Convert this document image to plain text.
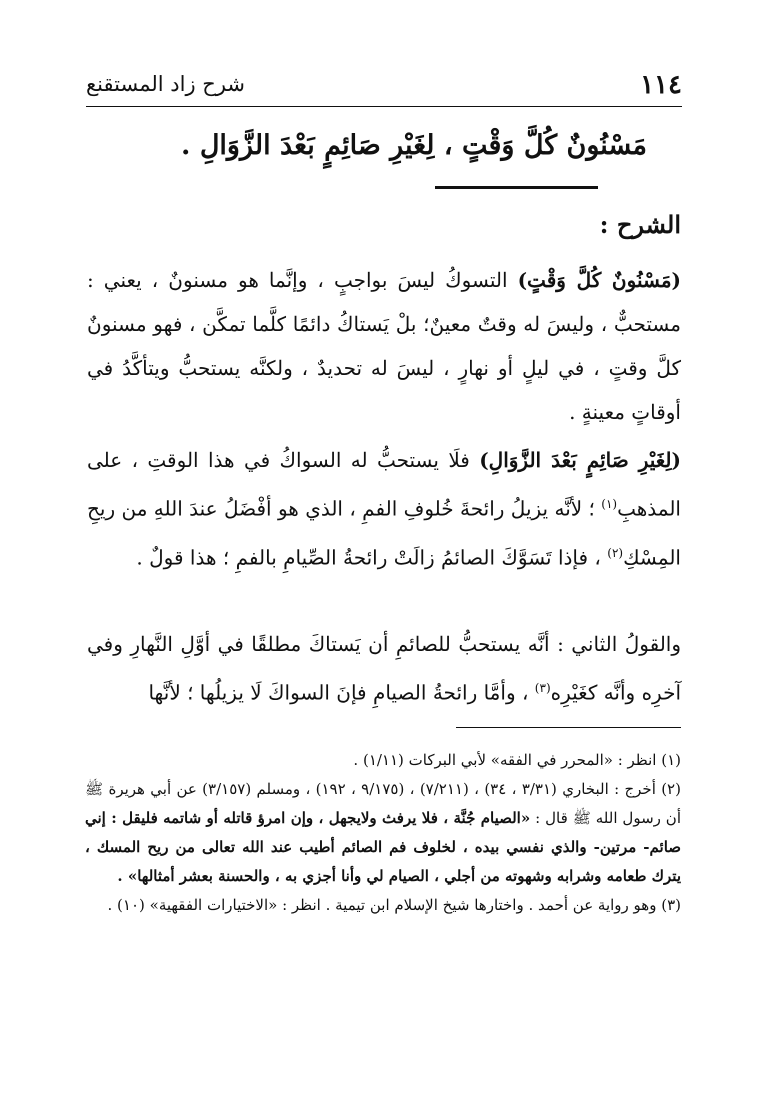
١١٤
شرح زاد المستقنع
مَسْنُونٌ كُلَّ وَقْتٍ ، لِغَيْرِ صَائِمٍ بَعْدَ الزَّوَالِ .
الشرح :
(مَسْنُونٌ كُلَّ وَقْتٍ) التسوكُ ليسَ بواجبٍ ، وإنَّما هو مسنونٌ ، يعني : مستحبٌّ ، وليسَ له وقتٌ معينٌ؛ بلْ يَستاكُ دائمًا كلَّما تمكَّن ، فهو مسنونٌ كلَّ وقتٍ ، في ليلٍ أو نهارٍ ، ليسَ له تحديدٌ ، ولكنَّه يستحبُّ ويتأكَّدُ في أوقاتٍ معينةٍ .
(لِغَيْرِ صَائِمٍ بَعْدَ الزَّوَالِ) فلَا يستحبُّ له السواكُ في هذا الوقتِ ، على المذهبِ$^{(١)}$ ؛ لأنَّه يزيلُ رائحةَ خُلوفِ الفمِ ، الذي هو أفْضَلُ عندَ اللهِ من ريحِ المِسْكِ$^{(٢)}$ ، فإذا تَسَوَّكَ الصائمُ زالَتْ رائحةُ الصِّيامِ بالفمِ ؛ هذا قولٌ .
والقولُ الثاني : أنَّه يستحبُّ للصائمِ أن يَستاكَ مطلقًا في أوَّلِ النَّهارِ وفي آخرِه وأنَّه كغَيْرِه$^{(٣)}$ ، وأمَّا رائحةُ الصيامِ فإنَ السواكَ لَا يزيلُها ؛ لأنَّها

(١) انظر : «المحرر في الفقه» لأبي البركات (١/١١) .

(٢) أخرج : البخاري (٣/٣١ ، ٣٤) ، (٧/٢١١) ، (٩/١٧٥ ، ١٩٢) ، ومسلم (٣/١٥٧) عن أبي هريرة ﷺ أن رسول الله ﷺ قال : «الصيام جُنَّة ، فلا يرفث ولايجهل ، وإن امرؤ قاتله أو شاتمه فليقل : إني صائم- مرتين- والذي نفسي بيده ، لخلوف فم الصائم أطيب عند الله تعالى من ريح المسك ، يترك طعامه وشرابه وشهوته من أجلي ، الصيام لي وأنا أجزي به ، والحسنة بعشر أمثالها» .

(٣) وهو رواية عن أحمد . واختارها شيخ الإسلام ابن تيمية . انظر : «الاختيارات الفقهية» (١٠) .
